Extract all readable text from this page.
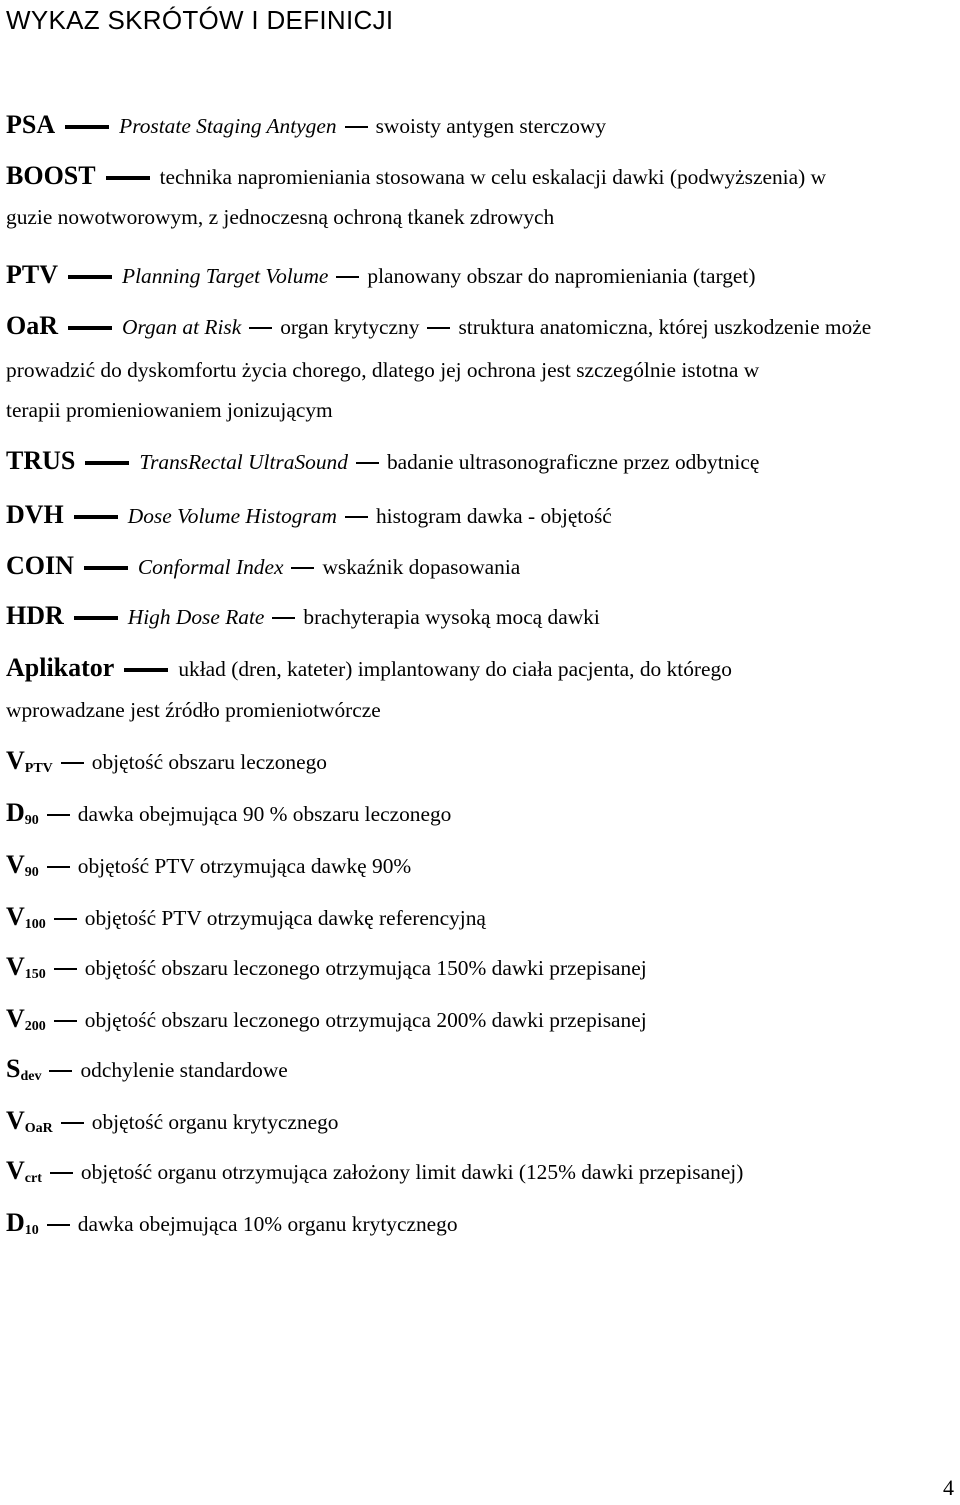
WYKAZ SKRÓTÓW I DEFINICJI
PSA	Prostate Staging Antygen swoisty antygen sterczowy
BOOST	technika napromieniania stosowana w celu eskalacji dawki (podwyższenia) w
guzie nowotworowym, z jednoczesną ochroną tkanek zdrowych
PTV	Planning Target Volume planowany obszar do napromieniania (target)
OaR	Organ at Risk organ krytyczny struktura anatomiczna, której uszkodzenie może
prowadzić do dyskomfortu życia chorego, dlatego jej ochrona jest szczególnie istotna w
terapii promieniowaniem jonizującym
TRUS	TransRectal UltraSound badanie ultrasonograficzne przez odbytnicę
DVH	Dose Volume Histogram histogram dawka - objętość
COIN	Conformal Index wskaźnik dopasowania
HDR	High Dose Rate brachyterapia wysoką mocą dawki
Aplikator	układ (dren, kateter) implantowany do ciała pacjenta, do którego
wprowadzane jest źródło promieniotwórcze
$V_{PTV}$ objętość obszaru leczonego
$D_{90}$ dawka obejmująca 90 % obszaru leczonego
$V_{90}$ objętość PTV otrzymująca dawkę 90%
$V_{100}$ objętość PTV otrzymująca dawkę referencyjną
$V_{150}$ objętość obszaru leczonego otrzymująca 150% dawki przepisanej
$V_{200}$ objętość obszaru leczonego otrzymująca 200% dawki przepisanej
$S_{dev}$ odchylenie standardowe
$V_{OaR}$ objętość organu krytycznego
$V_{crt}$ objętość organu otrzymująca założony limit dawki (125% dawki przepisanej)
$D_{10}$ dawka obejmująca 10% organu krytycznego
4
